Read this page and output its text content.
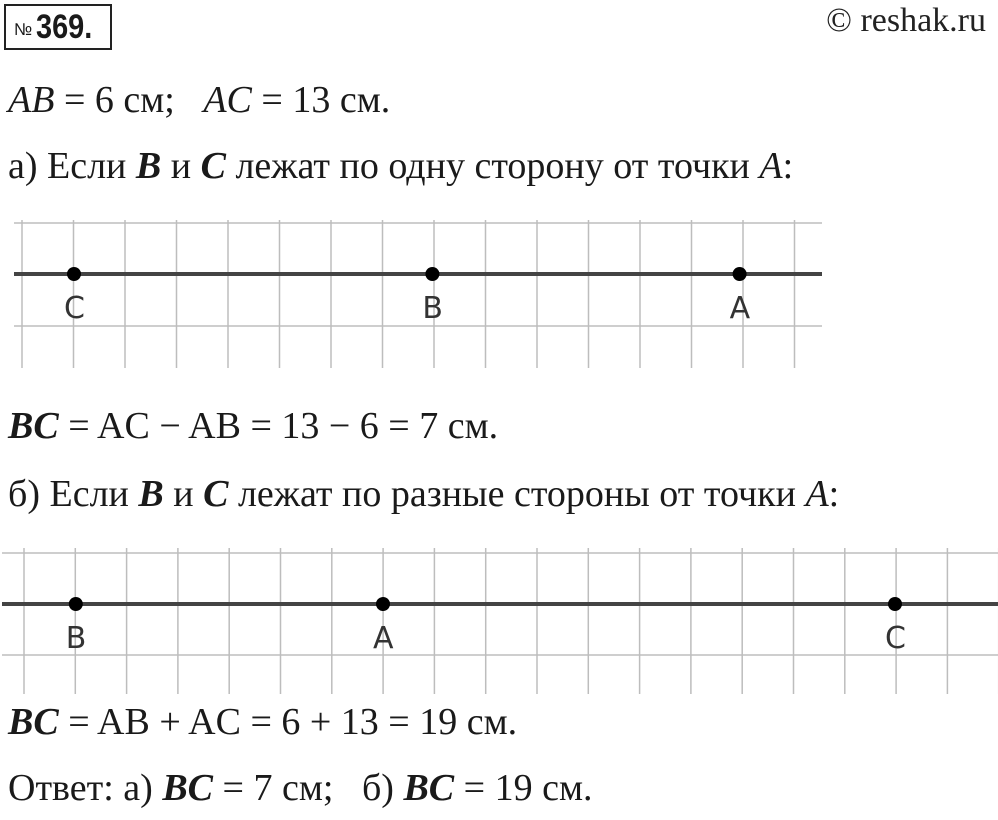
№ 369.	© reshak.ru
AB = 6 см; AC = 13 см.
а) Если B и C лежат по одну сторону от точки A:
C	B	A
BC = AC − AB = 13 − 6 = 7 см.
б) Если B и C лежат по разные стороны от точки A:
B	A	C
BC = AB + AC = 6 + 13 = 19 см.
Ответ: а) BC = 7 см; б) BC = 19 см.
